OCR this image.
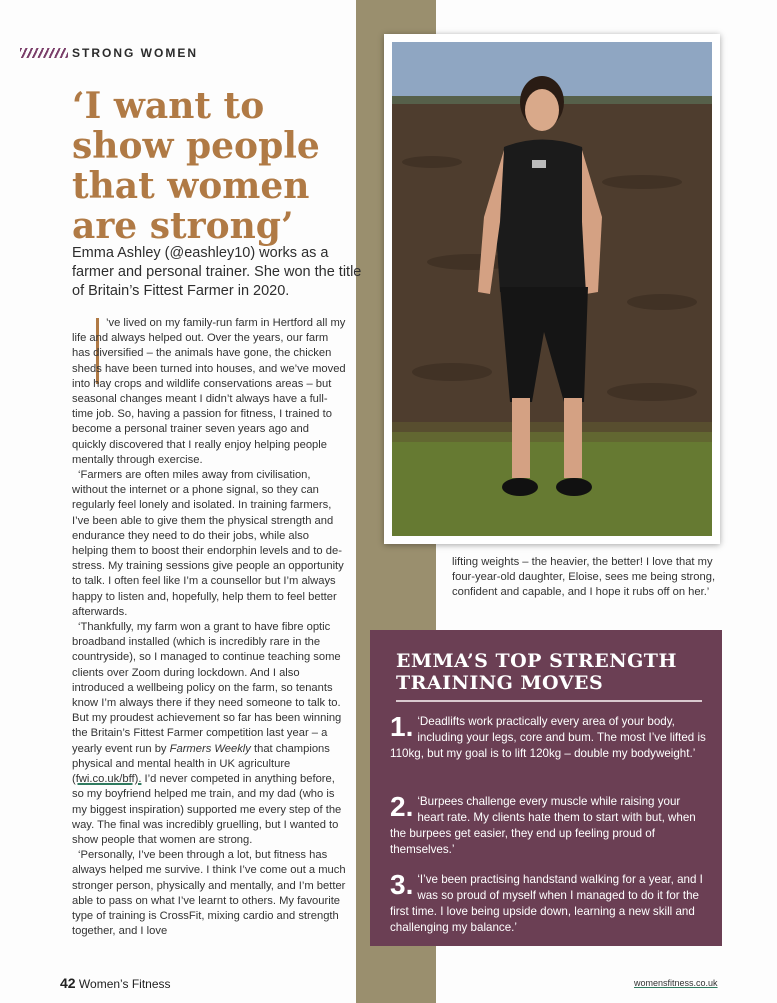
STRONG WOMEN
‘I want to show people that women are strong’

Emma Ashley (@eashley10) works as a farmer and personal trainer. She won the title of Britain’s Fittest Farmer in 2020.

’ve lived on my family-run farm in Hertford all my life and always helped out. Over the years, our farm has diversified – the animals have gone, the chicken sheds have been turned into houses, and we’ve moved into hay crops and wildlife conservations areas – but seasonal changes meant I didn’t always have a full-time job. So, having a passion for fitness, I trained to become a personal trainer seven years ago and quickly discovered that I really enjoy helping people mentally through exercise.

‘Farmers are often miles away from civilisation, without the internet or a phone signal, so they can regularly feel lonely and isolated. In training farmers, I’ve been able to give them the physical strength and endurance they need to do their jobs, while also helping them to boost their endorphin levels and to de-stress. My training sessions give people an opportunity to talk. I often feel like I’m a counsellor but I’m always happy to listen and, hopefully, help them to feel better afterwards.

‘Thankfully, my farm won a grant to have fibre optic broadband installed (which is incredibly rare in the countryside), so I managed to continue teaching some clients over Zoom during lockdown. And I also introduced a wellbeing policy on the farm, so tenants know I’m always there if they need someone to talk to. But my proudest achievement so far has been winning the Britain’s Fittest Farmer competition last year – a yearly event run by Farmers Weekly that champions physical and mental health in UK agriculture (fwi.co.uk/bff). I’d never competed in anything before, so my boyfriend helped me train, and my dad (who is my biggest inspiration) supported me every step of the way. The final was incredibly gruelling, but I wanted to show people that women are strong.

‘Personally, I’ve been through a lot, but fitness has always helped me survive. I think I’ve come out a much stronger person, physically and mentally, and I’m better able to pass on what I’ve learnt to others. My favourite type of training is CrossFit, mixing cardio and strength together, and I love

lifting weights – the heavier, the better! I love that my four-year-old daughter, Eloise, sees me being strong, confident and capable, and I hope it rubs off on her.’

EMMA’S TOP STRENGTH TRAINING MOVES
1. ‘Deadlifts work practically every area of your body, including your legs, core and bum. The most I’ve lifted is 110kg, but my goal is to lift 120kg – double my bodyweight.’
2. ‘Burpees challenge every muscle while raising your heart rate. My clients hate them to start with but, when the burpees get easier, they end up feeling proud of themselves.’
3. ‘I’ve been practising handstand walking for a year, and I was so proud of myself when I managed to do it for the first time. I love being upside down, learning a new skill and challenging my balance.’
42 Women’s Fitness	womensfitness.co.uk
